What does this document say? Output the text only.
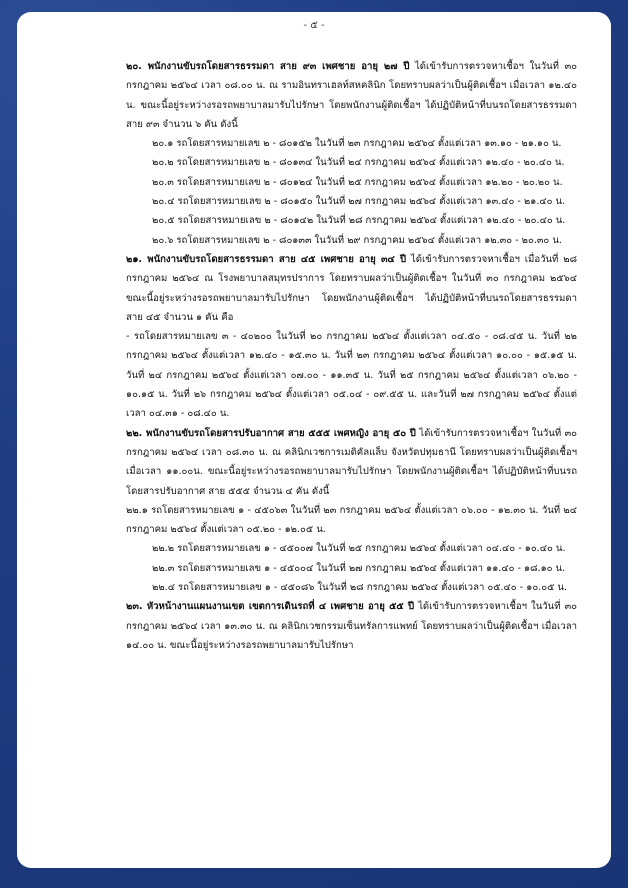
- ๕ -

๒๐. พนักงานขับรถโดยสารธรรมดา สาย ๙๓ เพศชาย อายุ ๒๗ ปี ได้เข้ารับการตรวจหาเชื้อฯ ในวันที่ ๓๐ กรกฎาคม ๒๕๖๔ เวลา ๐๘.๐๐ น. ณ รามอินทราเฮลท์สหคลินิก โดยทราบผลว่าเป็นผู้ติดเชื้อฯ เมื่อเวลา ๑๒.๔๐ น. ขณะนี้อยู่ระหว่างรอรถพยาบาลมารับไปรักษา โดยพนักงานผู้ติดเชื้อฯ ได้ปฏิบัติหน้าที่บนรถโดยสารธรรมดา สาย ๙๓ จำนวน ๖ คัน ดังนี้

๒๐.๑ รถโดยสารหมายเลข ๒ - ๘๐๑๕๒ ในวันที่ ๒๓ กรกฎาคม ๒๕๖๔ ตั้งแต่เวลา ๑๓.๑๐ - ๒๑.๑๐ น.
๒๐.๒ รถโดยสารหมายเลข ๒ - ๘๐๑๓๔ ในวันที่ ๒๔ กรกฎาคม ๒๕๖๔ ตั้งแต่เวลา ๑๒.๔๐ - ๒๐.๔๐ น.
๒๐.๓ รถโดยสารหมายเลข ๒ - ๘๐๑๒๔ ในวันที่ ๒๕ กรกฎาคม ๒๕๖๔ ตั้งแต่เวลา ๑๒.๒๐ - ๒๐.๒๐ น.
๒๐.๔ รถโดยสารหมายเลข ๒ - ๘๐๑๕๐ ในวันที่ ๒๗ กรกฎาคม ๒๕๖๔ ตั้งแต่เวลา ๑๓.๔๐ - ๒๑.๔๐ น.
๒๐.๕ รถโดยสารหมายเลข ๒ - ๘๐๑๔๒ ในวันที่ ๒๘ กรกฎาคม ๒๕๖๔ ตั้งแต่เวลา ๑๒.๔๐ - ๒๐.๔๐ น.
๒๐.๖ รถโดยสารหมายเลข ๒ - ๘๐๑๓๓ ในวันที่ ๒๙ กรกฎาคม ๒๕๖๔ ตั้งแต่เวลา ๑๒.๓๐ - ๒๐.๓๐ น.

๒๑. พนักงานขับรถโดยสารธรรมดา สาย ๔๕ เพศชาย อายุ ๓๔ ปี ได้เข้ารับการตรวจหาเชื้อฯ เมื่อวันที่ ๒๘ กรกฎาคม ๒๕๖๔ ณ โรงพยาบาลสมุทรปราการ โดยทราบผลว่าเป็นผู้ติดเชื้อฯ ในวันที่ ๓๐ กรกฎาคม ๒๕๖๔ ขณะนี้อยู่ระหว่างรอรถพยาบาลมารับไปรักษา โดยพนักงานผู้ติดเชื้อฯ ได้ปฏิบัติหน้าที่บนรถโดยสารธรรมดา สาย ๔๕ จำนวน ๑ คัน คือ

- รถโดยสารหมายเลข ๓ - ๔๐๒๐๐ ในวันที่ ๒๐ กรกฎาคม ๒๕๖๔ ตั้งแต่เวลา ๐๔.๕๐ - ๐๘.๔๕ น. วันที่ ๒๒ กรกฎาคม ๒๕๖๔ ตั้งแต่เวลา ๑๒.๔๐ - ๑๕.๓๐ น. วันที่ ๒๓ กรกฎาคม ๒๕๖๔ ตั้งแต่เวลา ๑๐.๐๐ - ๑๕.๑๕ น. วันที่ ๒๔ กรกฎาคม ๒๕๖๔ ตั้งแต่เวลา ๐๗.๐๐ - ๑๑.๓๕ น. วันที่ ๒๕ กรกฎาคม ๒๕๖๔ ตั้งแต่เวลา ๐๖.๒๐ - ๑๐.๑๕ น. วันที่ ๒๖ กรกฎาคม ๒๕๖๔ ตั้งแต่เวลา ๐๕.๐๔ - ๐๙.๕๕ น. และวันที่ ๒๗ กรกฎาคม ๒๕๖๔ ตั้งแต่เวลา ๐๔.๓๑ - ๐๘.๔๐ น.

๒๒. พนักงานขับรถโดยสารปรับอากาศ สาย ๕๕๕ เพศหญิง อายุ ๕๐ ปี ได้เข้ารับการตรวจหาเชื้อฯ ในวันที่ ๓๐ กรกฎาคม ๒๕๖๔ เวลา ๐๘.๓๐ น. ณ คลินิกเวชการเมดิคัลแล็บ จังหวัดปทุมธานี โดยทราบผลว่าเป็นผู้ติดเชื้อฯ เมื่อเวลา ๑๑.๐๐น. ขณะนี้อยู่ระหว่างรอรถพยาบาลมารับไปรักษา โดยพนักงานผู้ติดเชื้อฯ ได้ปฏิบัติหน้าที่บนรถโดยสารปรับอากาศ สาย ๕๕๕ จำนวน ๔ คัน ดังนี้

๒๒.๑ รถโดยสารหมายเลข ๑ - ๔๕๐๖๓ ในวันที่ ๒๓ กรกฎาคม ๒๕๖๔ ตั้งแต่เวลา ๐๖.๐๐ - ๑๒.๓๐ น. วันที่ ๒๔ กรกฎาคม ๒๕๖๔ ตั้งแต่เวลา ๐๕.๒๐ - ๑๒.๐๕ น.

๒๒.๒ รถโดยสารหมายเลข ๑ - ๔๕๐๐๗ ในวันที่ ๒๕ กรกฎาคม ๒๕๖๔ ตั้งแต่เวลา ๐๔.๔๐ - ๑๐.๔๐ น.
๒๒.๓ รถโดยสารหมายเลข ๑ - ๔๕๐๐๔ ในวันที่ ๒๗ กรกฎาคม ๒๕๖๔ ตั้งแต่เวลา ๑๑.๔๐ - ๑๘.๑๐ น.
๒๒.๔ รถโดยสารหมายเลข ๑ - ๔๕๐๘๖ ในวันที่ ๒๘ กรกฎาคม ๒๕๖๔ ตั้งแต่เวลา ๐๕.๔๐ - ๑๐.๐๕ น.

๒๓. หัวหน้างานแผนงานเขต เขตการเดินรถที่ ๔ เพศชาย อายุ ๕๕ ปี ได้เข้ารับการตรวจหาเชื้อฯ ในวันที่ ๓๐ กรกฎาคม ๒๕๖๔ เวลา ๑๓.๓๐ น. ณ คลินิกเวชกรรมเซ็นทรัลการแพทย์ โดยทราบผลว่าเป็นผู้ติดเชื้อฯ เมื่อเวลา ๑๔.๐๐ น. ขณะนี้อยู่ระหว่างรอรถพยาบาลมารับไปรักษา
